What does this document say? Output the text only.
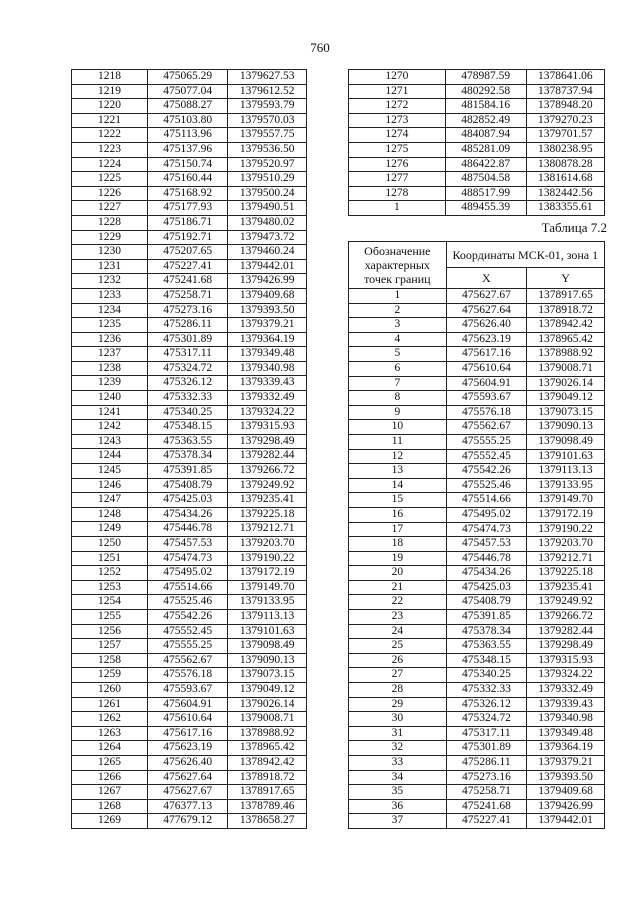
760
1218	475065.29	1379627.53
1219	475077.04	1379612.52
1220	475088.27	1379593.79
1221	475103.80	1379570.03
1222	475113.96	1379557.75
1223	475137.96	1379536.50
1224	475150.74	1379520.97
1225	475160.44	1379510.29
1226	475168.92	1379500.24
1227	475177.93	1379490.51
1228	475186.71	1379480.02
1229	475192.71	1379473.72
1230	475207.65	1379460.24
1231	475227.41	1379442.01
1232	475241.68	1379426.99
1233	475258.71	1379409.68
1234	475273.16	1379393.50
1235	475286.11	1379379.21
1236	475301.89	1379364.19
1237	475317.11	1379349.48
1238	475324.72	1379340.98
1239	475326.12	1379339.43
1240	475332.33	1379332.49
1241	475340.25	1379324.22
1242	475348.15	1379315.93
1243	475363.55	1379298.49
1244	475378.34	1379282.44
1245	475391.85	1379266.72
1246	475408.79	1379249.92
1247	475425.03	1379235.41
1248	475434.26	1379225.18
1249	475446.78	1379212.71
1250	475457.53	1379203.70
1251	475474.73	1379190.22
1252	475495.02	1379172.19
1253	475514.66	1379149.70
1254	475525.46	1379133.95
1255	475542.26	1379113.13
1256	475552.45	1379101.63
1257	475555.25	1379098.49
1258	475562.67	1379090.13
1259	475576.18	1379073.15
1260	475593.67	1379049.12
1261	475604.91	1379026.14
1262	475610.64	1379008.71
1263	475617.16	1378988.92
1264	475623.19	1378965.42
1265	475626.40	1378942.42
1266	475627.64	1378918.72
1267	475627.67	1378917.65
1268	476377.13	1378789.46
1269	477679.12	1378658.27
1270	478987.59	1378641.06
1271	480292.58	1378737.94
1272	481584.16	1378948.20
1273	482852.49	1379270.23
1274	484087.94	1379701.57
1275	485281.09	1380238.95
1276	486422.87	1380878.28
1277	487504.58	1381614.68
1278	488517.99	1382442.56
1	489455.39	1383355.61
Таблица 7.2
Обозначение характерных точек границ	Координаты МСК-01, зона 1	
	X	Y
1	475627.67	1378917.65
2	475627.64	1378918.72
3	475626.40	1378942.42
4	475623.19	1378965.42
5	475617.16	1378988.92
6	475610.64	1379008.71
7	475604.91	1379026.14
8	475593.67	1379049.12
9	475576.18	1379073.15
10	475562.67	1379090.13
11	475555.25	1379098.49
12	475552.45	1379101.63
13	475542.26	1379113.13
14	475525.46	1379133.95
15	475514.66	1379149.70
16	475495.02	1379172.19
17	475474.73	1379190.22
18	475457.53	1379203.70
19	475446.78	1379212.71
20	475434.26	1379225.18
21	475425.03	1379235.41
22	475408.79	1379249.92
23	475391.85	1379266.72
24	475378.34	1379282.44
25	475363.55	1379298.49
26	475348.15	1379315.93
27	475340.25	1379324.22
28	475332.33	1379332.49
29	475326.12	1379339.43
30	475324.72	1379340.98
31	475317.11	1379349.48
32	475301.89	1379364.19
33	475286.11	1379379.21
34	475273.16	1379393.50
35	475258.71	1379409.68
36	475241.68	1379426.99
37	475227.41	1379442.01
